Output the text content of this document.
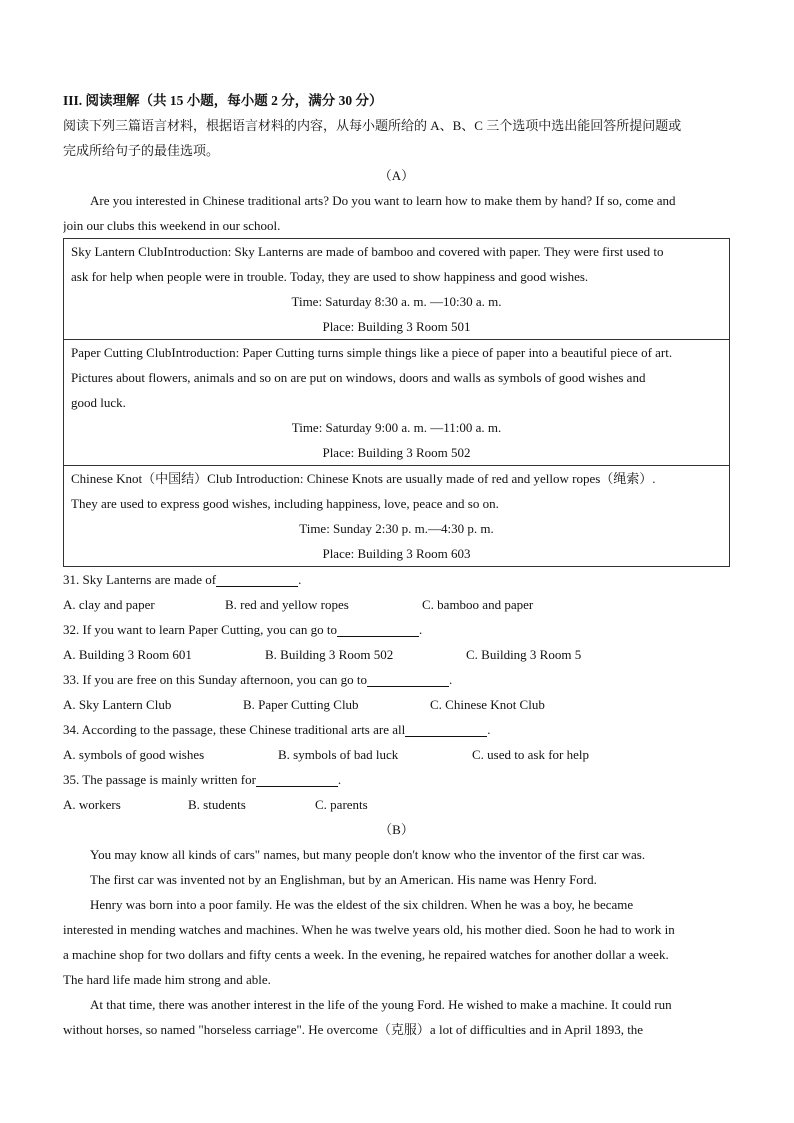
III. 阅读理解（共 15 小题，每小题 2 分，满分 30 分）
阅读下列三篇语言材料，根据语言材料的内容，从每小题所给的 A、B、C 三个选项中选出能回答所提问题或
完成所给句子的最佳选项。
（A）
Are you interested in Chinese traditional arts? Do you want to learn how to make them by hand? If so, come and
join our clubs this weekend in our school.
Sky Lantern ClubIntroduction: Sky Lanterns are made of bamboo and covered with paper. They were first used to
ask for help when people were in trouble. Today, they are used to show happiness and good wishes.
Time: Saturday 8:30 a. m. —10:30 a. m.
Place: Building 3 Room 501

Paper Cutting ClubIntroduction: Paper Cutting turns simple things like a piece of paper into a beautiful piece of art.
Pictures about flowers, animals and so on are put on windows, doors and walls as symbols of good wishes and
good luck.
Time: Saturday 9:00 a. m. —11:00 a. m.
Place: Building 3 Room 502

Chinese Knot（中国结）Club Introduction: Chinese Knots are usually made of red and yellow ropes（绳索）.
They are used to express good wishes, including happiness, love, peace and so on.
Time: Sunday 2:30 p. m.—4:30 p. m.
Place: Building 3 Room 603
31. Sky Lanterns are made of	.
A. clay and paper	B. red and yellow ropes	C. bamboo and paper
32. If you want to learn Paper Cutting, you can go to	.
A. Building 3 Room 601	B. Building 3 Room 502	C. Building 3 Room 5
33. If you are free on this Sunday afternoon, you can go to	.
A. Sky Lantern Club	B. Paper Cutting Club	C. Chinese Knot Club
34. According to the passage, these Chinese traditional arts are all	.
A. symbols of good wishes	B. symbols of bad luck	C. used to ask for help
35. The passage is mainly written for	.
A. workers	B. students	C. parents
（B）
You may know all kinds of cars" names, but many people don't know who the inventor of the first car was.
The first car was invented not by an Englishman, but by an American. His name was Henry Ford.
Henry was born into a poor family. He was the eldest of the six children. When he was a boy, he became
interested in mending watches and machines. When he was twelve years old, his mother died. Soon he had to work in
a machine shop for two dollars and fifty cents a week. In the evening, he repaired watches for another dollar a week.
The hard life made him strong and able.
At that time, there was another interest in the life of the young Ford. He wished to make a machine. It could run
without horses, so named "horseless carriage". He overcome（克服）a lot of difficulties and in April 1893, the
